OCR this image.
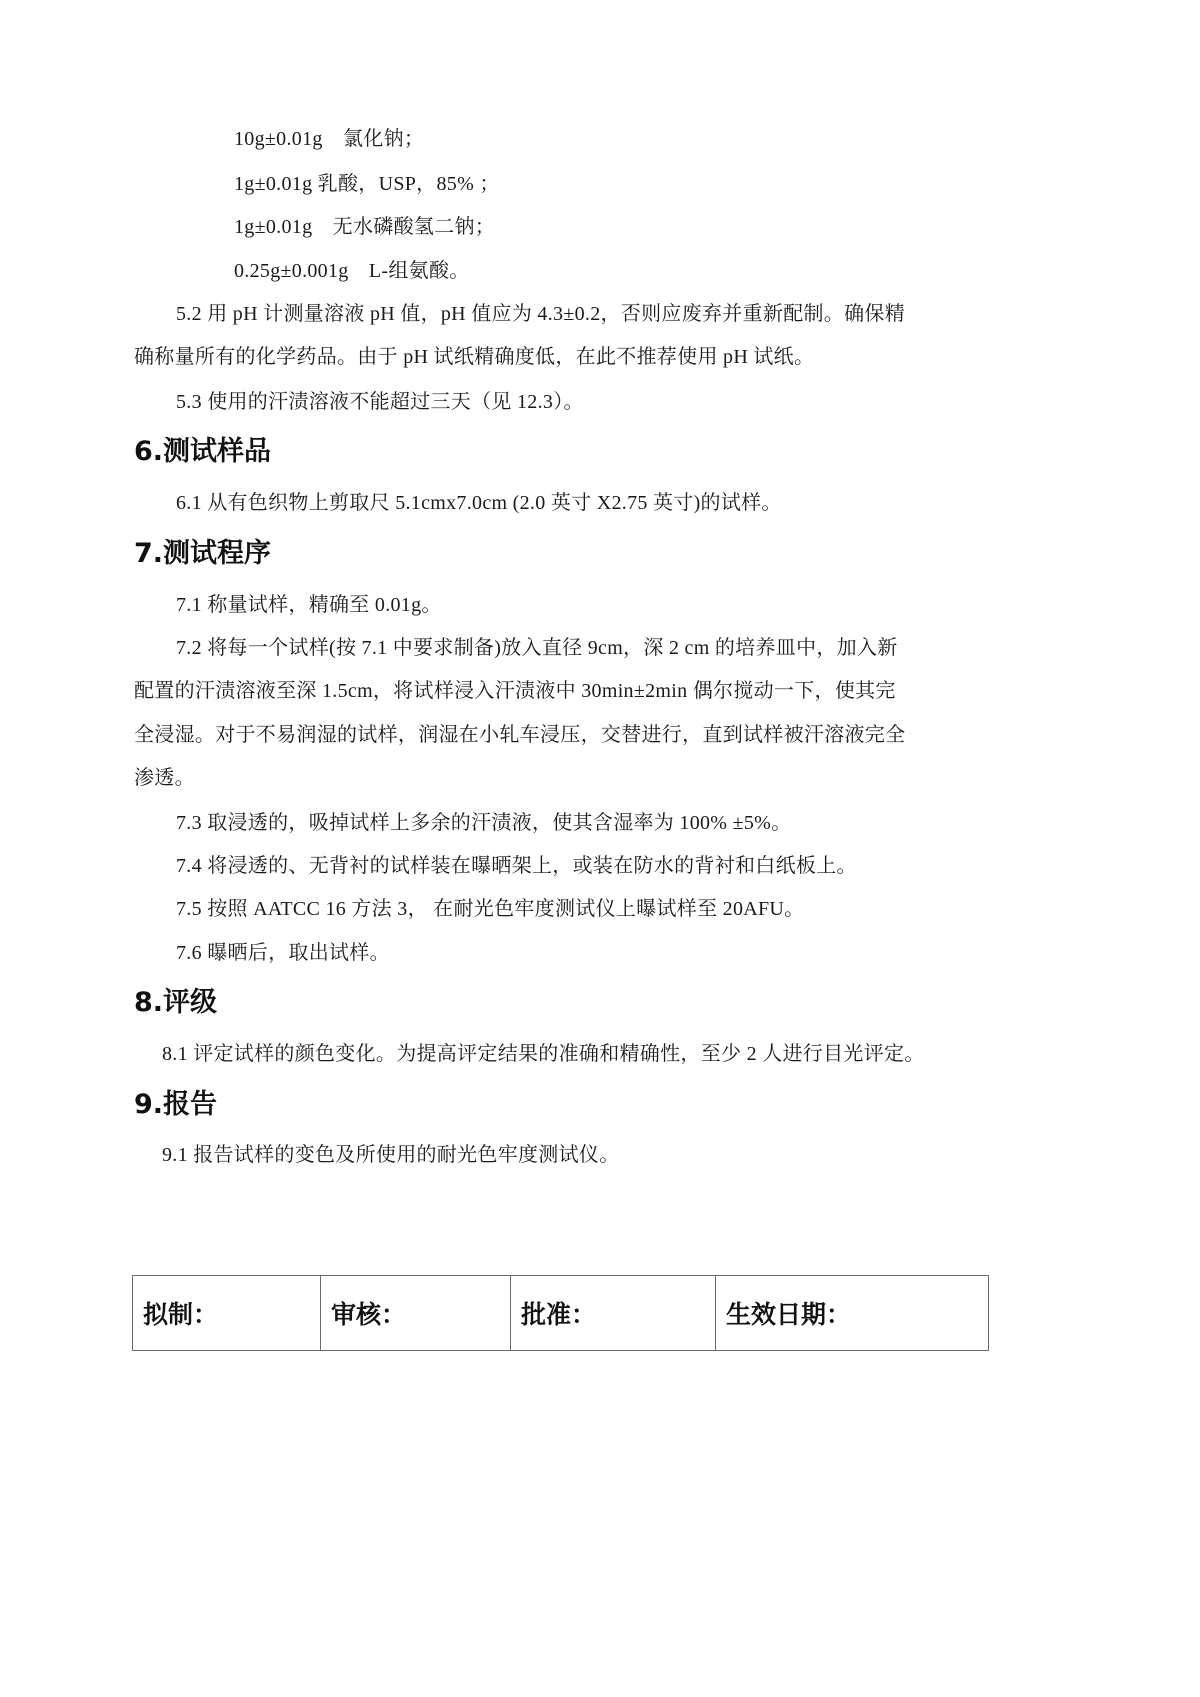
10g±0.01g　氯化钠；
1g±0.01g 乳酸，USP，85% ；
1g±0.01g　无水磷酸氢二钠；
0.25g±0.001g　L-组氨酸。
5.2 用 pH 计测量溶液 pH 值，pH 值应为 4.3±0.2，否则应废弃并重新配制。确保精
确称量所有的化学药品。由于 pH 试纸精确度低，在此不推荐使用 pH 试纸。
5.3 使用的汗渍溶液不能超过三天（见 12.3）。
6.测试样品
6.1 从有色织物上剪取尺 5.1cmx7.0cm (2.0 英寸 X2.75 英寸)的试样。
7.测试程序
7.1 称量试样，精确至 0.01g。
7.2 将每一个试样(按 7.1 中要求制备)放入直径 9cm，深 2 cm 的培养皿中，加入新
配置的汗渍溶液至深 1.5cm，将试样浸入汗渍液中 30min±2min 偶尔搅动一下，使其完
全浸湿。对于不易润湿的试样，润湿在小轧车浸压，交替进行，直到试样被汗溶液完全
渗透。
7.3 取浸透的，吸掉试样上多余的汗渍液，使其含湿率为 100% ±5%。
7.4 将浸透的、无背衬的试样装在曝晒架上，或装在防水的背衬和白纸板上。
7.5 按照 AATCC 16 方法 3， 在耐光色牢度测试仪上曝试样至 20AFU。
7.6 曝晒后，取出试样。
8.评级
8.1 评定试样的颜色变化。为提高评定结果的准确和精确性，至少 2 人进行目光评定。
9.报告
9.1 报告试样的变色及所使用的耐光色牢度测试仪。
拟制：	审核：	批准：	生效日期：
